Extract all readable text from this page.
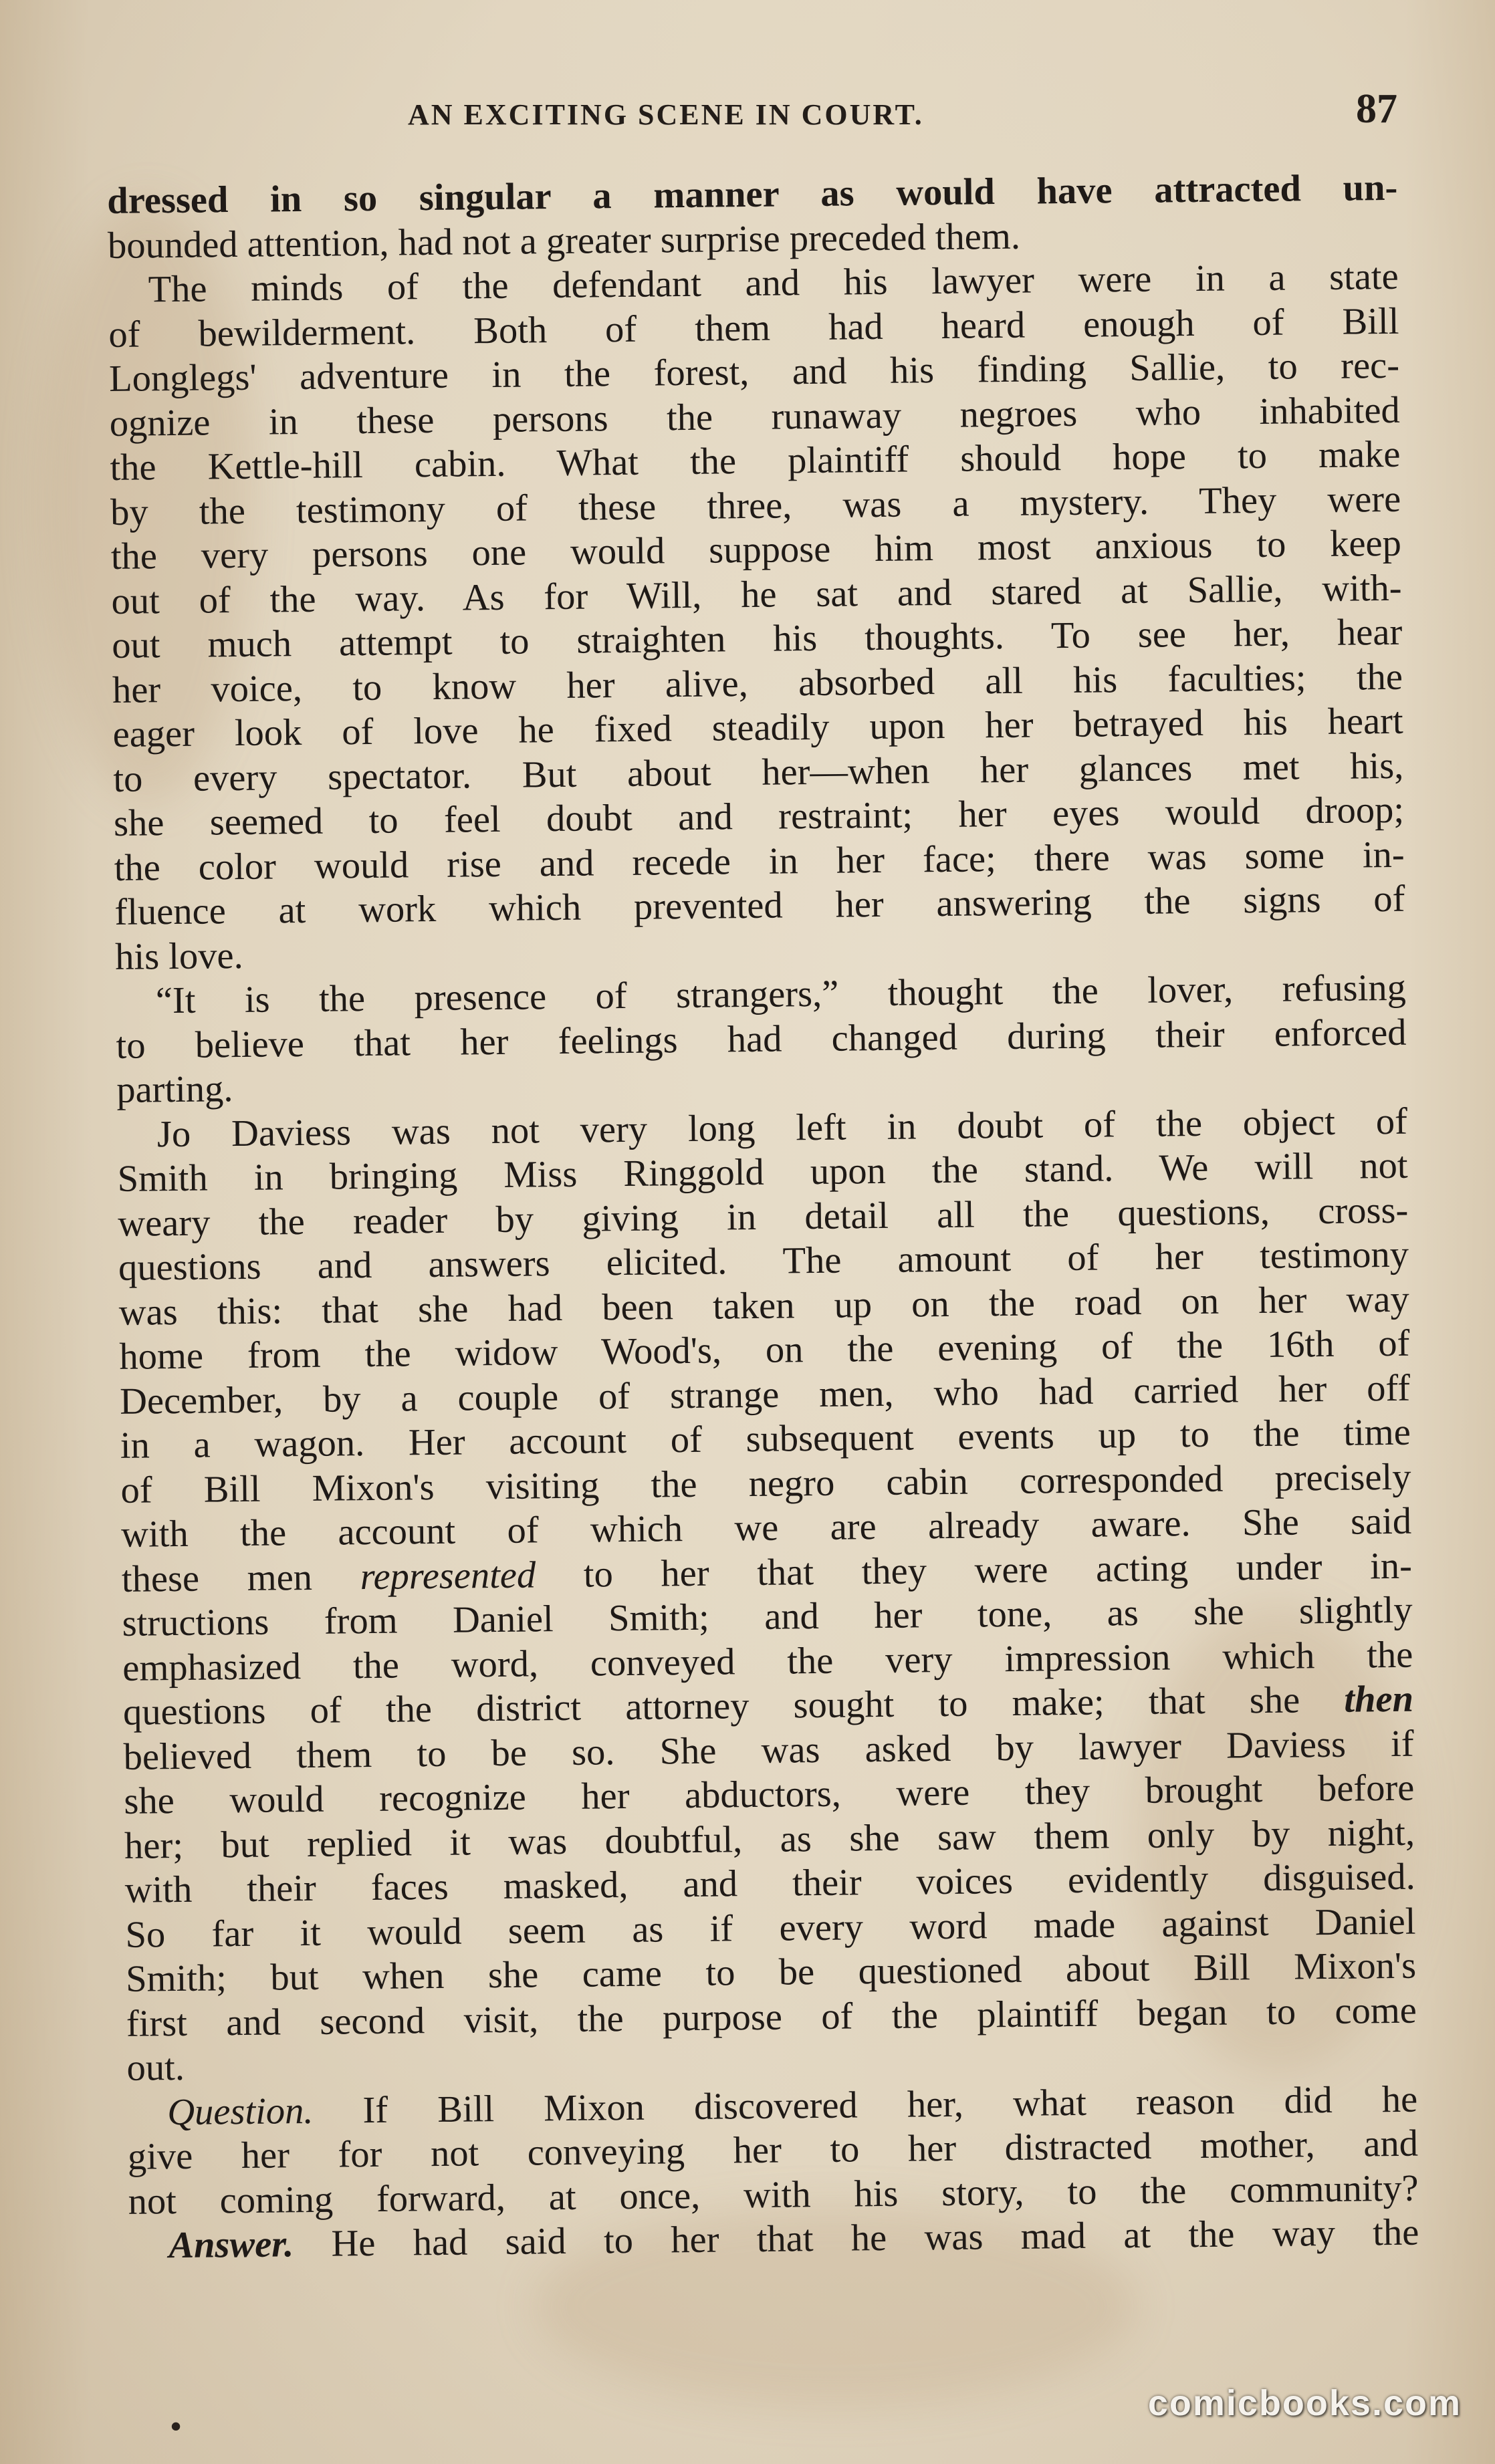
AN EXCITING SCENE IN COURT.	87
dressed in so singular a manner as would have attracted un-
bounded attention, had not a greater surprise preceded them.
The minds of the defendant and his lawyer were in a state
of bewilderment. Both of them had heard enough of Bill
Longlegs' adventure in the forest, and his finding Sallie, to rec-
ognize in these persons the runaway negroes who inhabited
the Kettle-hill cabin. What the plaintiff should hope to make
by the testimony of these three, was a mystery. They were
the very persons one would suppose him most anxious to keep
out of the way. As for Will, he sat and stared at Sallie, with-
out much attempt to straighten his thoughts. To see her, hear
her voice, to know her alive, absorbed all his faculties; the
eager look of love he fixed steadily upon her betrayed his heart
to every spectator. But about her—when her glances met his,
she seemed to feel doubt and restraint; her eyes would droop;
the color would rise and recede in her face; there was some in-
fluence at work which prevented her answering the signs of
his love.
“It is the presence of strangers,” thought the lover, refusing
to believe that her feelings had changed during their enforced
parting.
Jo Daviess was not very long left in doubt of the object of
Smith in bringing Miss Ringgold upon the stand. We will not
weary the reader by giving in detail all the questions, cross-
questions and answers elicited. The amount of her testimony
was this: that she had been taken up on the road on her way
home from the widow Wood's, on the evening of the 16th of
December, by a couple of strange men, who had carried her off
in a wagon. Her account of subsequent events up to the time
of Bill Mixon's visiting the negro cabin corresponded precisely
with the account of which we are already aware. She said
these men represented to her that they were acting under in-
structions from Daniel Smith; and her tone, as she slightly
emphasized the word, conveyed the very impression which the
questions of the district attorney sought to make; that she then
believed them to be so. She was asked by lawyer Daviess if
she would recognize her abductors, were they brought before
her; but replied it was doubtful, as she saw them only by night,
with their faces masked, and their voices evidently disguised.
So far it would seem as if every word made against Daniel
Smith; but when she came to be questioned about Bill Mixon's
first and second visit, the purpose of the plaintiff began to come
out.
Question. If Bill Mixon discovered her, what reason did he
give her for not conveying her to her distracted mother, and
not coming forward, at once, with his story, to the community?
Answer. He had said to her that he was mad at the way the
•
comicbooks.com
